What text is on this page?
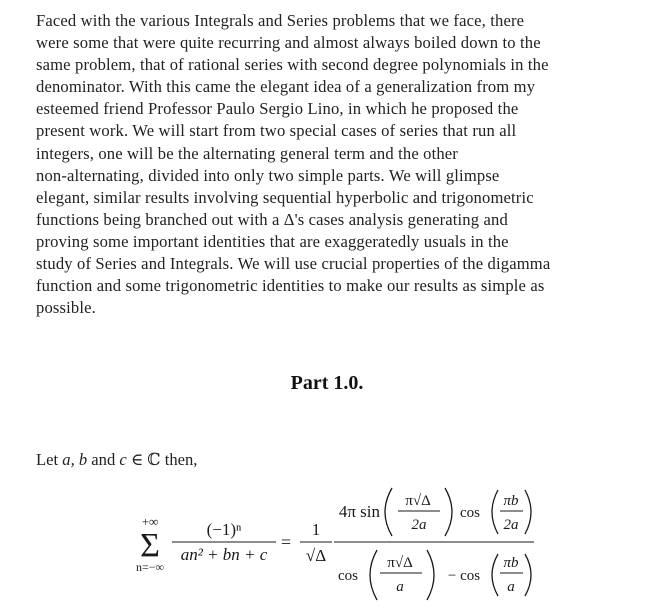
Faced with the various Integrals and Series problems that we face, there
were some that were quite recurring and almost always boiled down to the
same problem, that of rational series with second degree polynomials in the
denominator. With this came the elegant idea of a generalization from my
esteemed friend Professor Paulo Sergio Lino, in which he proposed the
present work. We will start from two special cases of series that run all
integers, one will be the alternating general term and the other
non-alternating, divided into only two simple parts. We will glimpse
elegant, similar results involving sequential hyperbolic and trigonometric
functions being branched out with a Δ's cases analysis generating and
proving some important identities that are exaggeratedly usuals in the
study of Series and Integrals. We will use crucial properties of the digamma
function and some trigonometric identities to make our results as simple as
possible.
Part 1.0.
Let a, b and c ∈ ℂ then,
+∞
Σ
n=−∞
(−1)ⁿ
an² + bn + c
=
1
√Δ
4π sin
π√Δ
2a
cos
πb
2a
cos
π√Δ
a
− cos
πb
a
